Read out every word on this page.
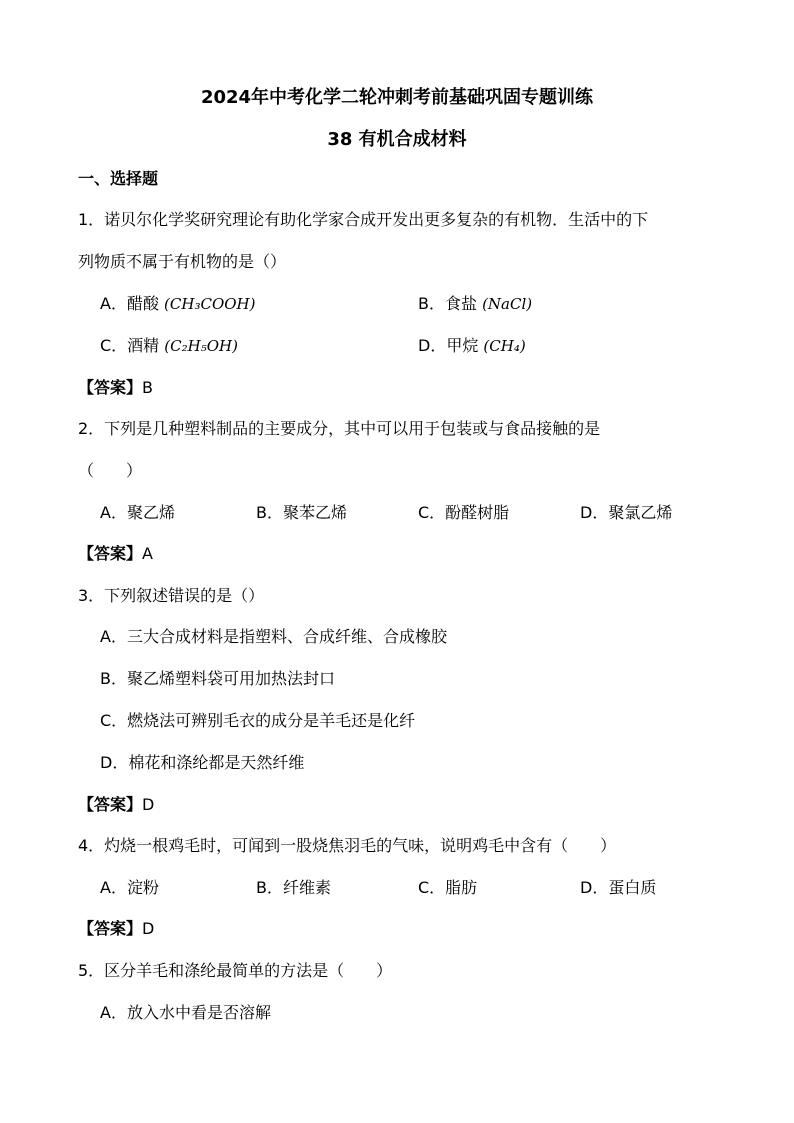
2024年中考化学二轮冲刺考前基础巩固专题训练
38 有机合成材料
一、选择题
1．诺贝尔化学奖研究理论有助化学家合成开发出更多复杂的有机物．生活中的下
列物质不属于有机物的是（）
A．醋酸 (CH₃COOH)	B．食盐 (NaCl)
C．酒精 (C₂H₅OH)	D．甲烷 (CH₄)
【答案】B
2．下列是几种塑料制品的主要成分，其中可以用于包装或与食品接触的是
（　　）
A．聚乙烯	B．聚苯乙烯	C．酚醛树脂	D．聚氯乙烯
【答案】A
3．下列叙述错误的是（）
A．三大合成材料是指塑料、合成纤维、合成橡胶
B．聚乙烯塑料袋可用加热法封口
C．燃烧法可辨别毛衣的成分是羊毛还是化纤
D．棉花和涤纶都是天然纤维
【答案】D
4．灼烧一根鸡毛时，可闻到一股烧焦羽毛的气味，说明鸡毛中含有（　　）
A．淀粉	B．纤维素	C．脂肪	D．蛋白质
【答案】D
5．区分羊毛和涤纶最简单的方法是（　　）
A．放入水中看是否溶解
